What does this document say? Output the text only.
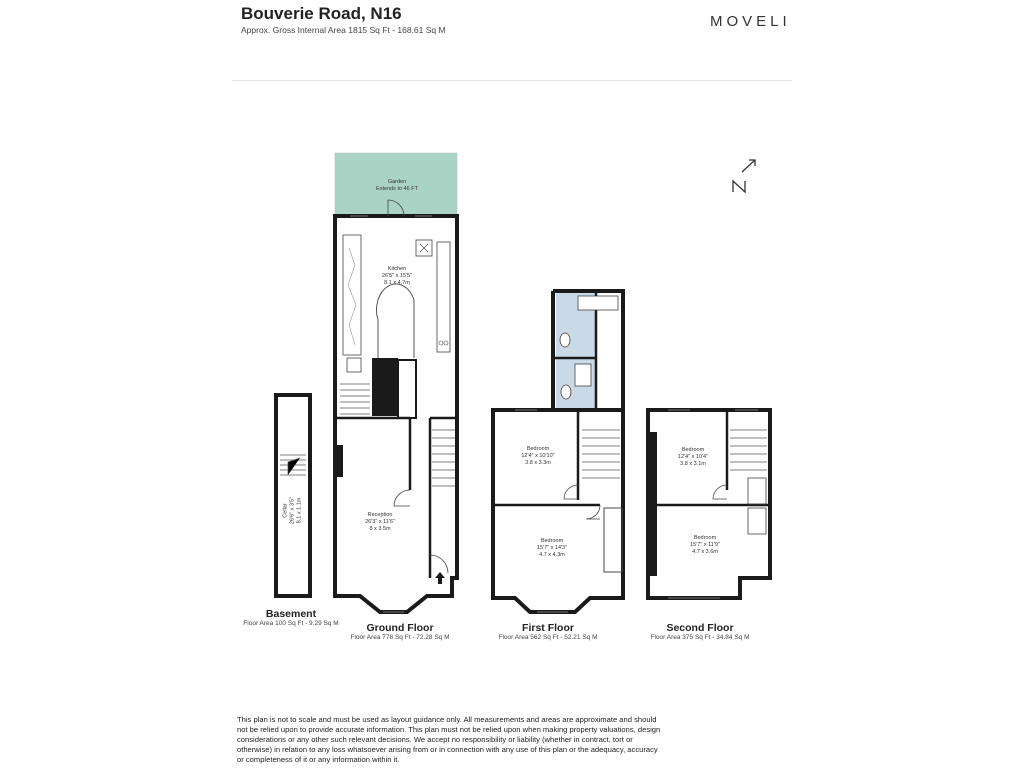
Bouverie Road, N16
Approx. Gross Internal Area 1815 Sq Ft - 168.61 Sq M	MOVELI
Garden
Extends to 46 FT
Kitchen
26'5" x 15'5"
8.1 x 4.7m
Reception
26'3" x 11'6"
8 x 3.5m
Cellar 26'6" x 3'5" 8.1 x 1.1m
Bedroom
12'4" x 10'10"
3.8 x 3.3m
Bedroom
15'7" x 14'3"
4.7 x 4.3m
Bedroom
12'4" x 10'4"
3.8 x 3.1m
Bedroom
15'7" x 11'9"
4.7 x 3.6m
Basement
Floor Area 100 Sq Ft - 9.29 Sq M	Ground Floor
Floor Area 778 Sq Ft - 72.28 Sq M
First Floor
Floor Area 562 Sq Ft - 52.21 Sq M
Second Floor
Floor Area 375 Sq Ft - 34.84 Sq M
This plan is not to scale and must be used as layout guidance only. All measurements and areas are approximate and should not be relied upon to provide accurate information. This plan must not be relied upon when making property valuations, design considerations or any other such relevant decisions. We accept no responsibility or liability (whether in contract, tort or otherwise) in relation to any loss whatsoever arising from or in connection with any use of this plan or the adequacy, accuracy or completeness of it or any information within it.
